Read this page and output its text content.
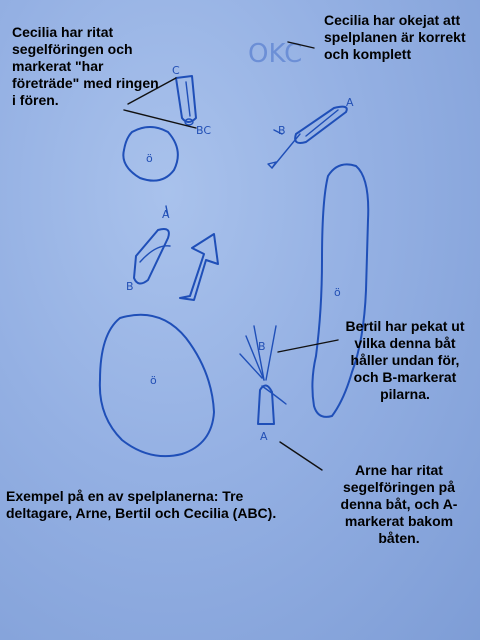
C
BC
ö
OKC
A
B
A
B
ö
ö
B
A

Cecilia har ritat segelföringen och markerat "har företräde" med ringen i fören.

Cecilia har okejat att spelplanen är korrekt och komplett

Bertil har pekat ut vilka denna båt håller undan för, och B-markerat pilarna.

Arne har ritat segelföringen på denna båt, och A-markerat bakom båten.

Exempel på en av spelplanerna: Tre deltagare, Arne, Bertil och Cecilia (ABC).
